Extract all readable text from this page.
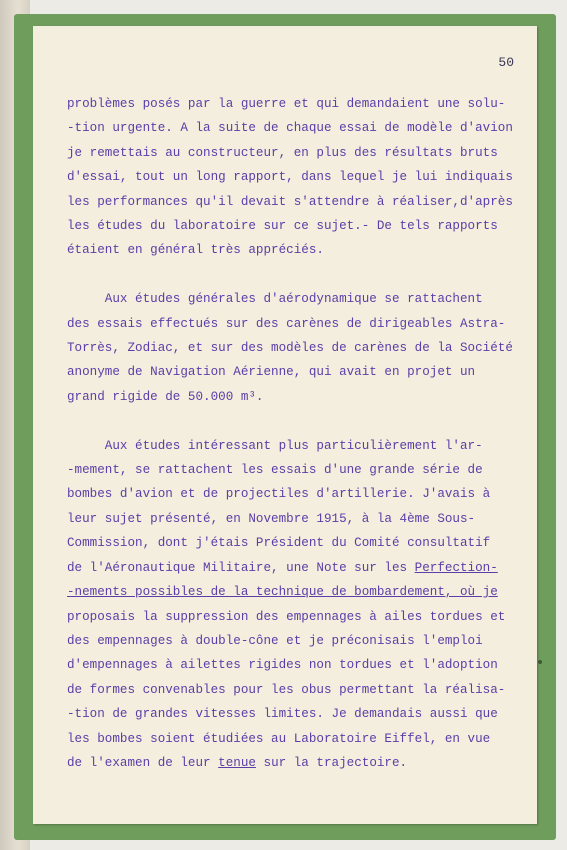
50

problèmes posés par la guerre et qui demandaient une solu-
-tion urgente. A la suite de chaque essai de modèle d'avion
je remettais au constructeur, en plus des résultats bruts
d'essai, tout un long rapport, dans lequel je lui indiquais
les performances qu'il devait s'attendre à réaliser,d'après
les études du laboratoire sur ce sujet.- De tels rapports
étaient en général très appréciés.

Aux études générales d'aérodynamique se rattachent
des essais effectués sur des carènes de dirigeables Astra-
Torrès, Zodiac, et sur des modèles de carènes de la Société
anonyme de Navigation Aérienne, qui avait en projet un
grand rigide de 50.000 m³.

Aux études intéressant plus particulièrement l'ar-
-mement, se rattachent les essais d'une grande série de
bombes d'avion et de projectiles d'artillerie. J'avais à
leur sujet présenté, en Novembre 1915, à la 4ème Sous-
Commission, dont j'étais Président du Comité consultatif
de l'Aéronautique Militaire, une Note sur les Perfection-
-nements possibles de la technique de bombardement, où je
proposais la suppression des empennages à ailes tordues et
des empennages à double-cône et je préconisais l'emploi
d'empennages à ailettes rigides non tordues et l'adoption
de formes convenables pour les obus permettant la réalisa-
-tion de grandes vitesses limites. Je demandais aussi que
les bombes soient étudiées au Laboratoire Eiffel, en vue
de l'examen de leur tenue sur la trajectoire.
